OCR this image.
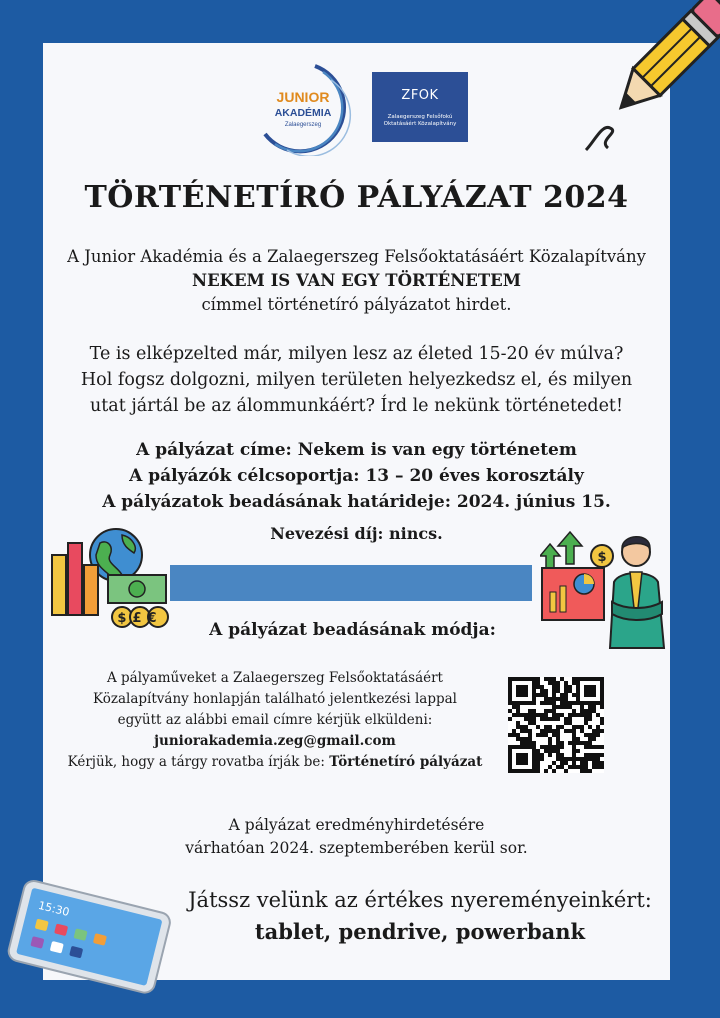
JUNIOR
AKADÉMIA
Zalaegerszeg
ZFOK
Zalaegerszeg Felsőfokú Oktatásáért Közalapítvány
TÖRTÉNETÍRÓ PÁLYÁZAT 2024
A Junior Akadémia és a Zalaegerszeg Felsőoktatásáért Közalapítvány
NEKEM IS VAN EGY TÖRTÉNETEM
címmel történetíró pályázatot hirdet.
Te is elképzelted már, milyen lesz az életed 15-20 év múlva?
Hol fogsz dolgozni, milyen területen helyezkedsz el, és milyen
utat jártál be az álommunkáért? Írd le nekünk történetedet!
A pályázat címe: Nekem is van egy történetem
A pályázók célcsoportja: 13 – 20 éves korosztály
A pályázatok beadásának határideje: 2024. június 15.
Nevezési díj: nincs.
$£€
$
A pályázat beadásának módja:
A pályaműveket a Zalaegerszeg Felsőoktatásáért
Közalapítvány honlapján található jelentkezési lappal
együtt az alábbi email címre kérjük elküldeni:
juniorakademia.zeg@gmail.com
Kérjük, hogy a tárgy rovatba írják be: Történetíró pályázat
A pályázat eredményhirdetésére
várhatóan 2024. szeptemberében kerül sor.
Játssz velünk az értékes nyereményeinkért:
tablet, pendrive, powerbank
15:30
